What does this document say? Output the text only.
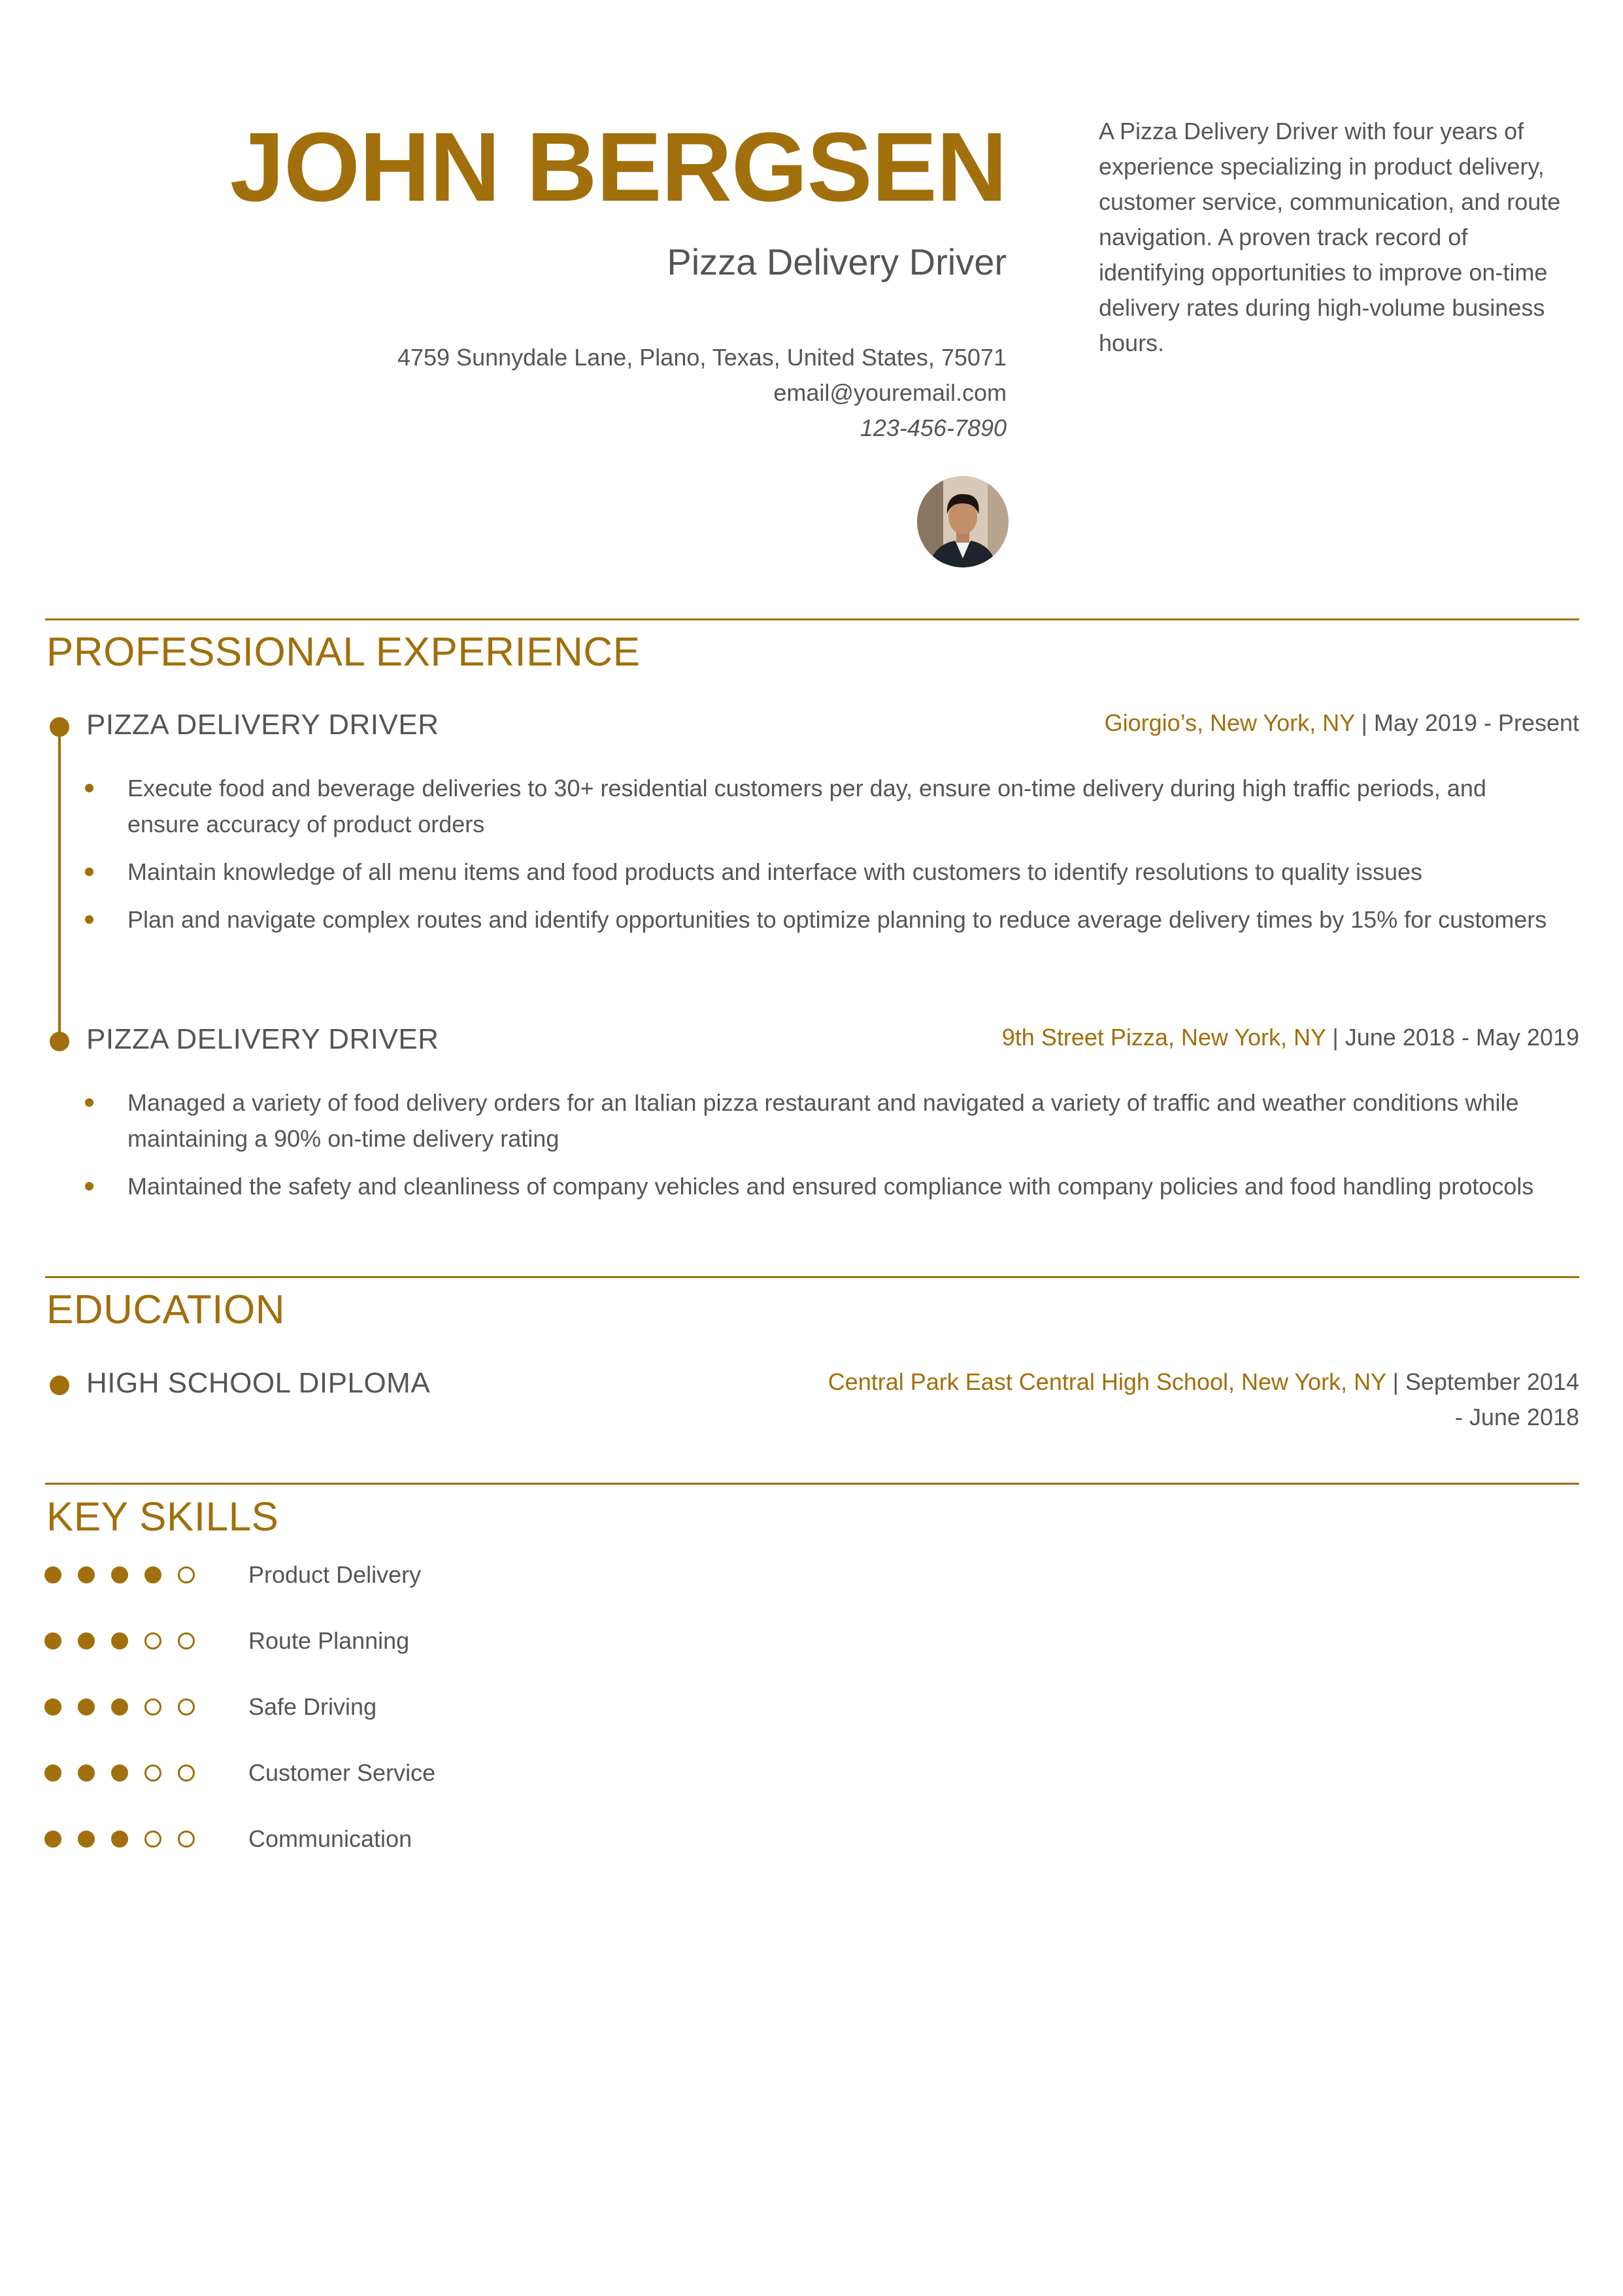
JOHN BERGSEN
Pizza Delivery Driver
4759 Sunnydale Lane, Plano, Texas, United States, 75071
email@youremail.com
123-456-7890
A Pizza Delivery Driver with four years of experience specializing in product delivery, customer service, communication, and route navigation. A proven track record of identifying opportunities to improve on-time delivery rates during high-volume business hours.
PROFESSIONAL EXPERIENCE
PIZZA DELIVERY DRIVER	Giorgio’s, New York, NY | May 2019 - Present
Execute food and beverage deliveries to 30+ residential customers per day, ensure on-time delivery during high traffic periods, and ensure accuracy of product orders
Maintain knowledge of all menu items and food products and interface with customers to identify resolutions to quality issues
Plan and navigate complex routes and identify opportunities to optimize planning to reduce average delivery times by 15% for customers
PIZZA DELIVERY DRIVER	9th Street Pizza, New York, NY | June 2018 - May 2019
Managed a variety of food delivery orders for an Italian pizza restaurant and navigated a variety of traffic and weather conditions while maintaining a 90% on-time delivery rating
Maintained the safety and cleanliness of company vehicles and ensured compliance with company policies and food handling protocols
EDUCATION
HIGH SCHOOL DIPLOMA	Central Park East Central High School, New York, NY | September 2014 - June 2018
KEY SKILLS
Product Delivery
Route Planning
Safe Driving
Customer Service
Communication
